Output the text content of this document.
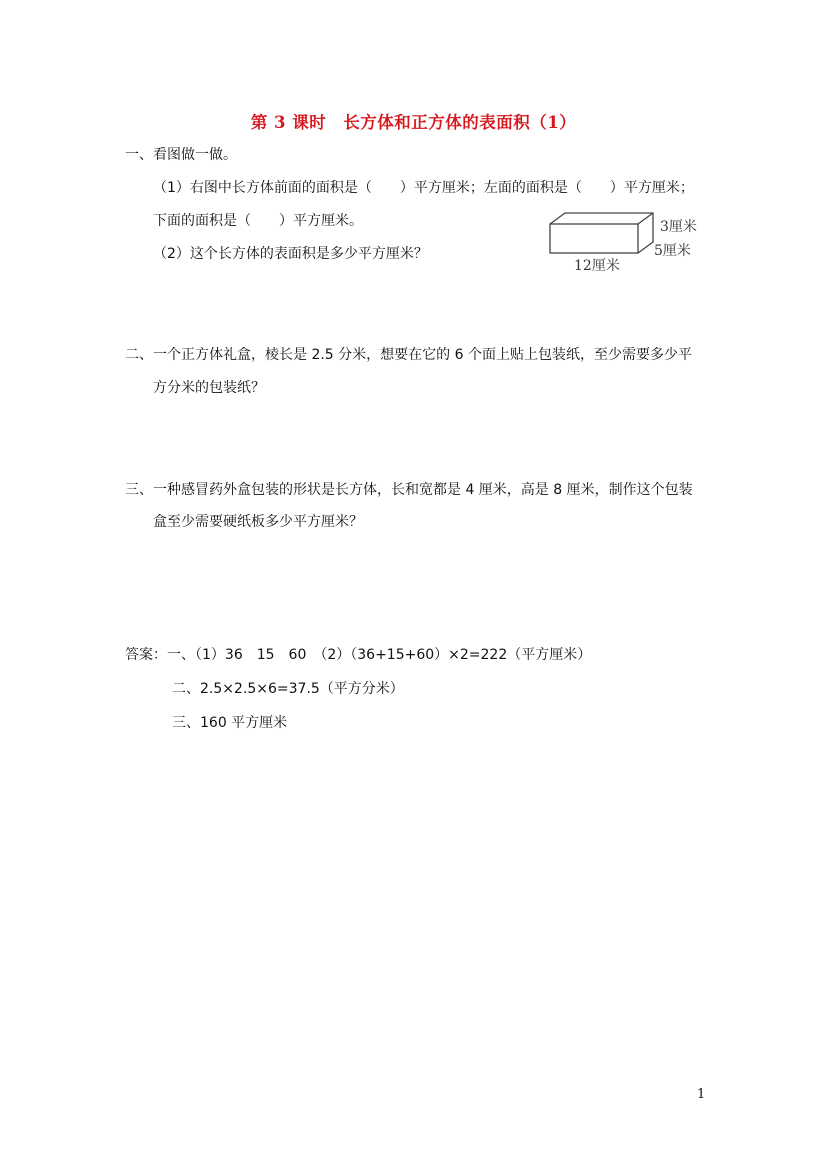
第 3 课时　长方体和正方体的表面积（1）
一、看图做一做。
（1）右图中长方体前面的面积是（　　）平方厘米；左面的面积是（　　）平方厘米；
下面的面积是（　　）平方厘米。
（2）这个长方体的表面积是多少平方厘米？
3厘米
5厘米
12厘米
二、一个正方体礼盒，棱长是 2.5 分米，想要在它的 6 个面上贴上包装纸，至少需要多少平
方分米的包装纸？
三、一种感冒药外盒包装的形状是长方体，长和宽都是 4 厘米，高是 8 厘米，制作这个包装
盒至少需要硬纸板多少平方厘米？
答案：一、（1）36　15　60　（2）（36+15+60）×2=222（平方厘米）
二、2.5×2.5×6=37.5（平方分米）
三、160 平方厘米
1
